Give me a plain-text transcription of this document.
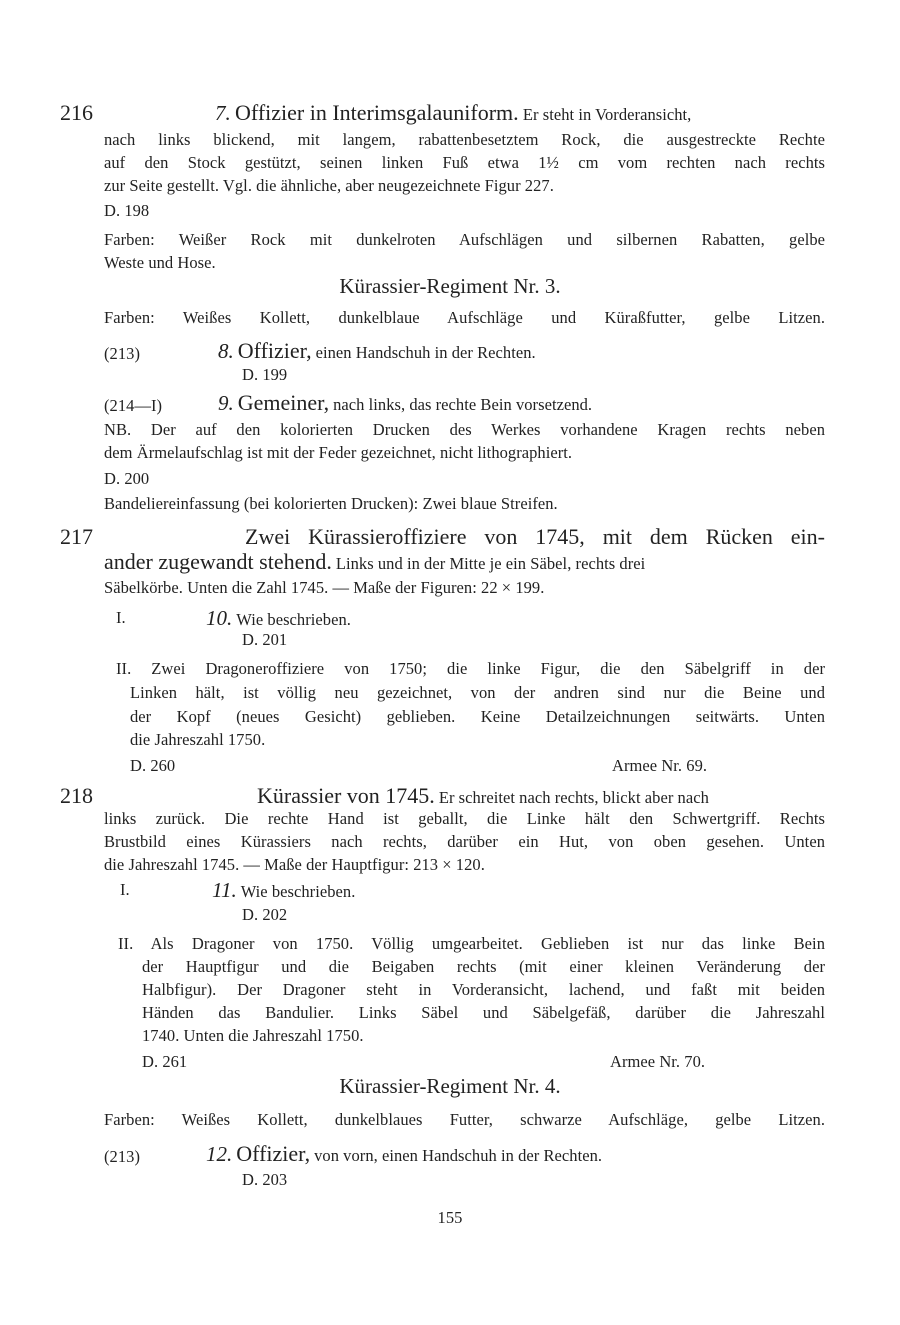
216	7. Offizier in Interimsgalauniform. Er steht in Vorderansicht,
nach links blickend, mit langem, rabattenbesetztem Rock, die ausgestreckte Rechte
auf den Stock gestützt, seinen linken Fuß etwa 1½ cm vom rechten nach rechts
zur Seite gestellt. Vgl. die ähnliche, aber neugezeichnete Figur 227.
D. 198
Farben: Weißer Rock mit dunkelroten Aufschlägen und silbernen Rabatten, gelbe
Weste und Hose.
Kürassier-Regiment Nr. 3.
Farben: Weißes Kollett, dunkelblaue Aufschläge und Küraßfutter, gelbe Litzen.
(213)	8. Offizier, einen Handschuh in der Rechten.
D. 199
(214—I)	9. Gemeiner, nach links, das rechte Bein vorsetzend.
NB. Der auf den kolorierten Drucken des Werkes vorhandene Kragen rechts neben
dem Ärmelaufschlag ist mit der Feder gezeichnet, nicht lithographiert.
D. 200
Bandeliereinfassung (bei kolorierten Drucken): Zwei blaue Streifen.
217	Zwei Kürassieroffiziere von 1745, mit dem Rücken ein-
ander zugewandt stehend. Links und in der Mitte je ein Säbel, rechts drei
Säbelkörbe. Unten die Zahl 1745. — Maße der Figuren: 22 × 199.
I.	10. Wie beschrieben.
D. 201
II. Zwei Dragoneroffiziere von 1750; die linke Figur, die den Säbelgriff in der
Linken hält, ist völlig neu gezeichnet, von der andren sind nur die Beine und
der Kopf (neues Gesicht) geblieben. Keine Detailzeichnungen seitwärts. Unten
die Jahreszahl 1750.
D. 260	Armee Nr. 69.
218	Kürassier von 1745. Er schreitet nach rechts, blickt aber nach
links zurück. Die rechte Hand ist geballt, die Linke hält den Schwertgriff. Rechts
Brustbild eines Kürassiers nach rechts, darüber ein Hut, von oben gesehen. Unten
die Jahreszahl 1745. — Maße der Hauptfigur: 213 × 120.
I.	11. Wie beschrieben.
D. 202
II. Als Dragoner von 1750. Völlig umgearbeitet. Geblieben ist nur das linke Bein
der Hauptfigur und die Beigaben rechts (mit einer kleinen Veränderung der
Halbfigur). Der Dragoner steht in Vorderansicht, lachend, und faßt mit beiden
Händen das Bandulier. Links Säbel und Säbelgefäß, darüber die Jahreszahl
1740. Unten die Jahreszahl 1750.
D. 261	Armee Nr. 70.
Kürassier-Regiment Nr. 4.
Farben: Weißes Kollett, dunkelblaues Futter, schwarze Aufschläge, gelbe Litzen.
(213)	12. Offizier, von vorn, einen Handschuh in der Rechten.
D. 203
155
